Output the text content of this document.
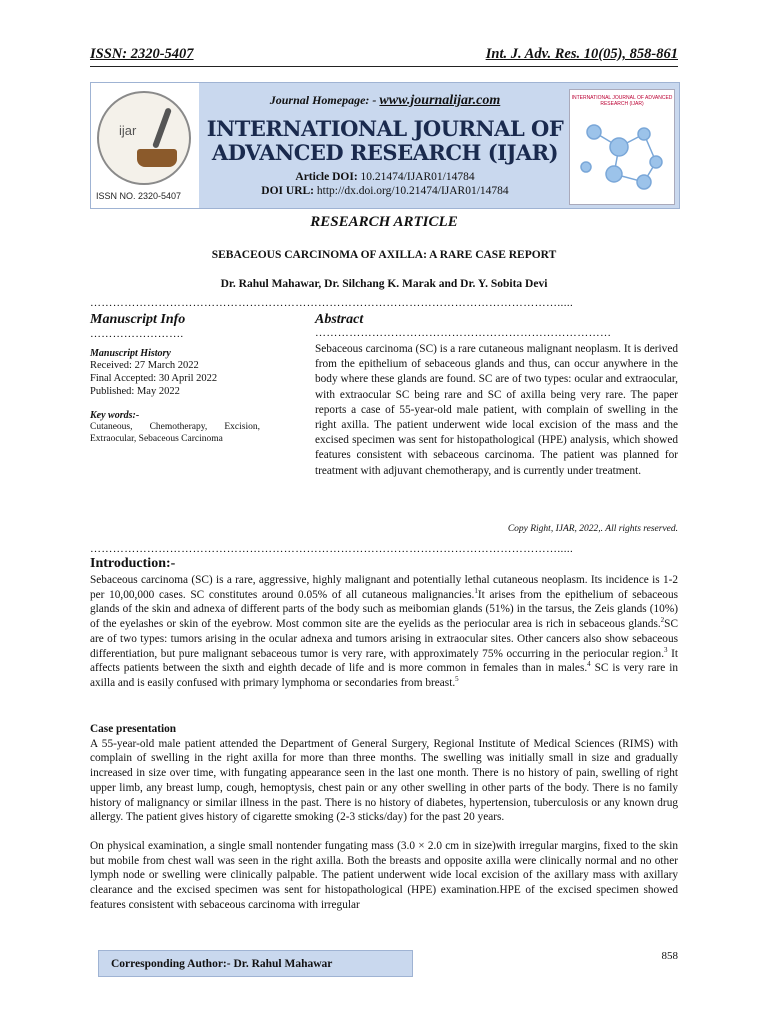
ISSN: 2320-5407	Int. J. Adv. Res. 10(05), 858-861
ijar
ISSN NO. 2320-5407
Journal Homepage: - www.journalijar.com
INTERNATIONAL JOURNAL OF ADVANCED RESEARCH (IJAR)
Article DOI: 10.21474/IJAR01/14784
DOI URL: http://dx.doi.org/10.21474/IJAR01/14784
INTERNATIONAL JOURNAL OF ADVANCED RESEARCH (IJAR)
RESEARCH ARTICLE
SEBACEOUS CARCINOMA OF AXILLA: A RARE CASE REPORT
Dr. Rahul Mahawar, Dr. Silchang K. Marak and Dr. Y. Sobita Devi
…………………………………………………………………………………………………………….....
Manuscript Info
…………………….
Manuscript History
Received: 27 March 2022
Final Accepted: 30 April 2022
Published: May 2022
Key words:-
Cutaneous, Chemotherapy, Excision, Extraocular, Sebaceous Carcinoma
Abstract
……………………………………………………………………
Sebaceous carcinoma (SC) is a rare cutaneous malignant neoplasm. It is derived from the epithelium of sebaceous glands and thus, can occur anywhere in the body where these glands are found. SC are of two types: ocular and extraocular, with extraocular SC being rare and SC of axilla being very rare. The paper reports a case of 55-year-old male patient, with complain of swelling in the right axilla. The patient underwent wide local excision of the mass and the excised specimen was sent for histopathological (HPE) analysis, which showed features consistent with sebaceous carcinoma. The patient was planned for treatment with adjuvant chemotherapy, and is currently under treatment.
Copy Right, IJAR, 2022,. All rights reserved.
…………………………………………………………………………………………………………….....
Introduction:-

Sebaceous carcinoma (SC) is a rare, aggressive, highly malignant and potentially lethal cutaneous neoplasm. Its incidence is 1-2 per 10,00,000 cases. SC constitutes around 0.05% of all cutaneous malignancies.$^1$It arises from the epithelium of sebaceous glands of the skin and adnexa of different parts of the body such as meibomian glands (51%) in the tarsus, the Zeis glands (10%) of the eyelashes or skin of the eyebrow. Most common site are the eyelids as the periocular area is rich in sebaceous glands.$^2$SC are of two types: tumors arising in the ocular adnexa and tumors arising in extraocular sites. Other cancers also show sebaceous differentiation, but pure malignant sebaceous tumor is very rare, with approximately 75% occurring in the periocular region.$^3$ It affects patients between the sixth and eighth decade of life and is more common in females than in males.$^4$ SC is very rare in axilla and is easily confused with primary lymphoma or secondaries from breast.$^5$

Case presentation

A 55-year-old male patient attended the Department of General Surgery, Regional Institute of Medical Sciences (RIMS) with complain of swelling in the right axilla for more than three months. The swelling was initially small in size and gradually increased in size over time, with fungating appearance seen in the last one month. There is no history of pain, swelling of right upper limb, any breast lump, cough, hemoptysis, chest pain or any other swelling in other parts of the body. There is no family history of malignancy or similar illness in the past. There is no history of diabetes, hypertension, tuberculosis or any known drug allergy. The patient gives history of cigarette smoking (2-3 sticks/day) for the past 20 years.

On physical examination, a single small nontender fungating mass (3.0 × 2.0 cm in size)with irregular margins, fixed to the skin but mobile from chest wall was seen in the right axilla. Both the breasts and opposite axilla were clinically normal and no other lymph node or swelling were clinically palpable. The patient underwent wide local excision of the axillary mass with axillary clearance and the excised specimen was sent for histopathological (HPE) examination.HPE of the excised specimen showed features consistent with sebaceous carcinoma with irregular

858
Corresponding Author:- Dr. Rahul Mahawar
